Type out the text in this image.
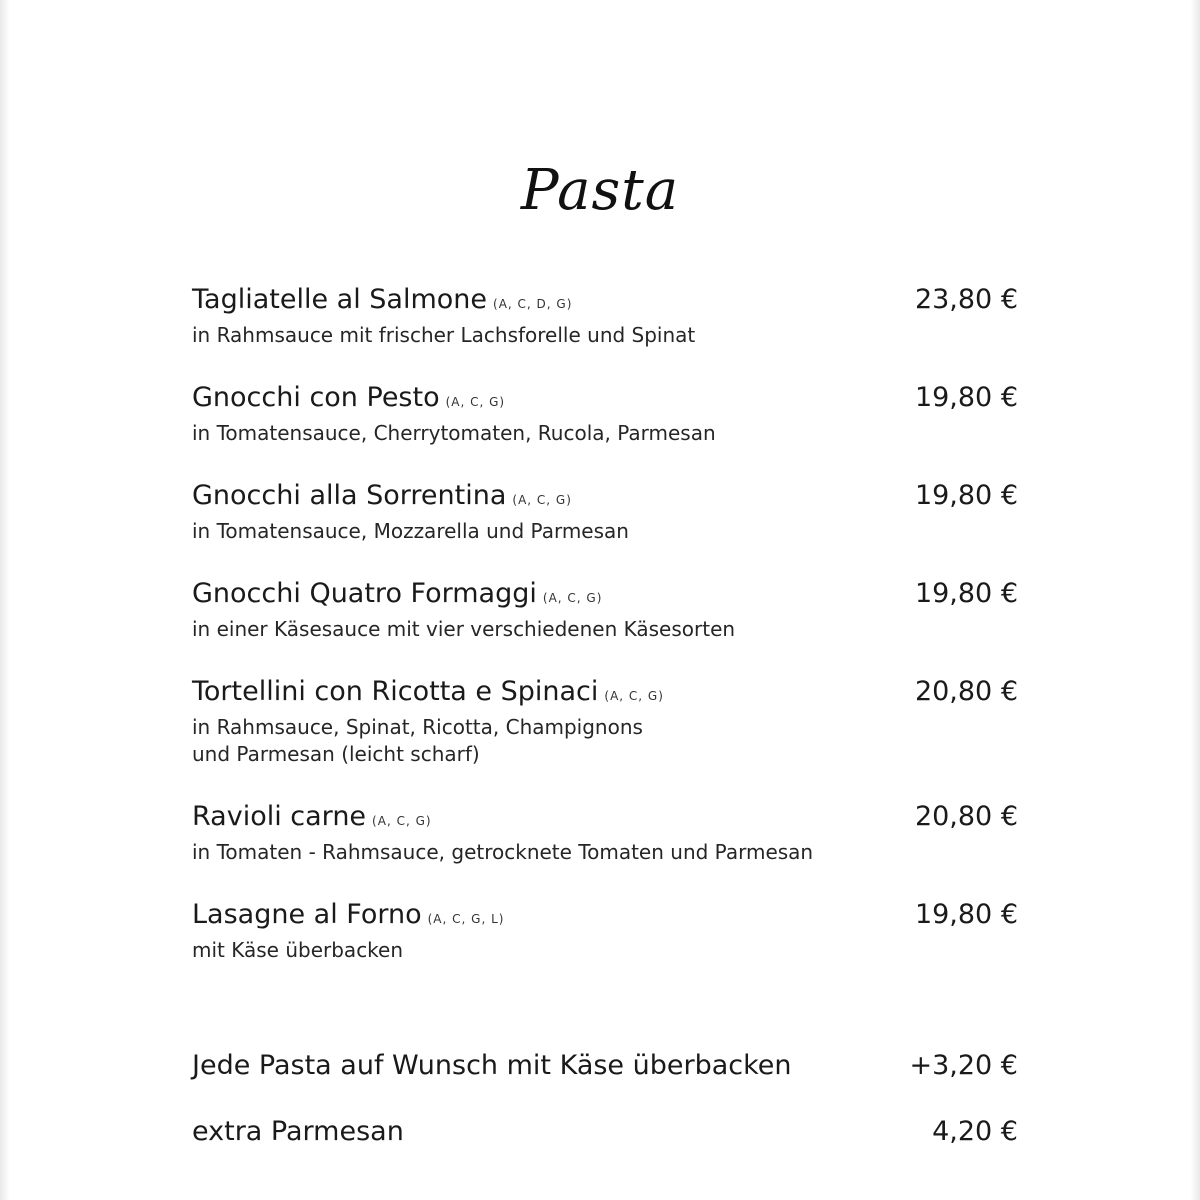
Pasta
Tagliatelle al Salmone (A, C, D, G)	23,80 €
in Rahmsauce mit frischer Lachsforelle und Spinat
Gnocchi con Pesto (A, C, G)	19,80 €
in Tomatensauce, Cherrytomaten, Rucola, Parmesan
Gnocchi alla Sorrentina (A, C, G)	19,80 €
in Tomatensauce, Mozzarella und Parmesan
Gnocchi Quatro Formaggi (A, C, G)	19,80 €
in einer Käsesauce mit vier verschiedenen Käsesorten
Tortellini con Ricotta e Spinaci (A, C, G)	20,80 €
in Rahmsauce, Spinat, Ricotta, Champignons
und Parmesan (leicht scharf)
Ravioli carne (A, C, G)	20,80 €
in Tomaten - Rahmsauce, getrocknete Tomaten und Parmesan
Lasagne al Forno (A, C, G, L)	19,80 €
mit Käse überbacken
Jede Pasta auf Wunsch mit Käse überbacken	+3,20 €
extra Parmesan	4,20 €
